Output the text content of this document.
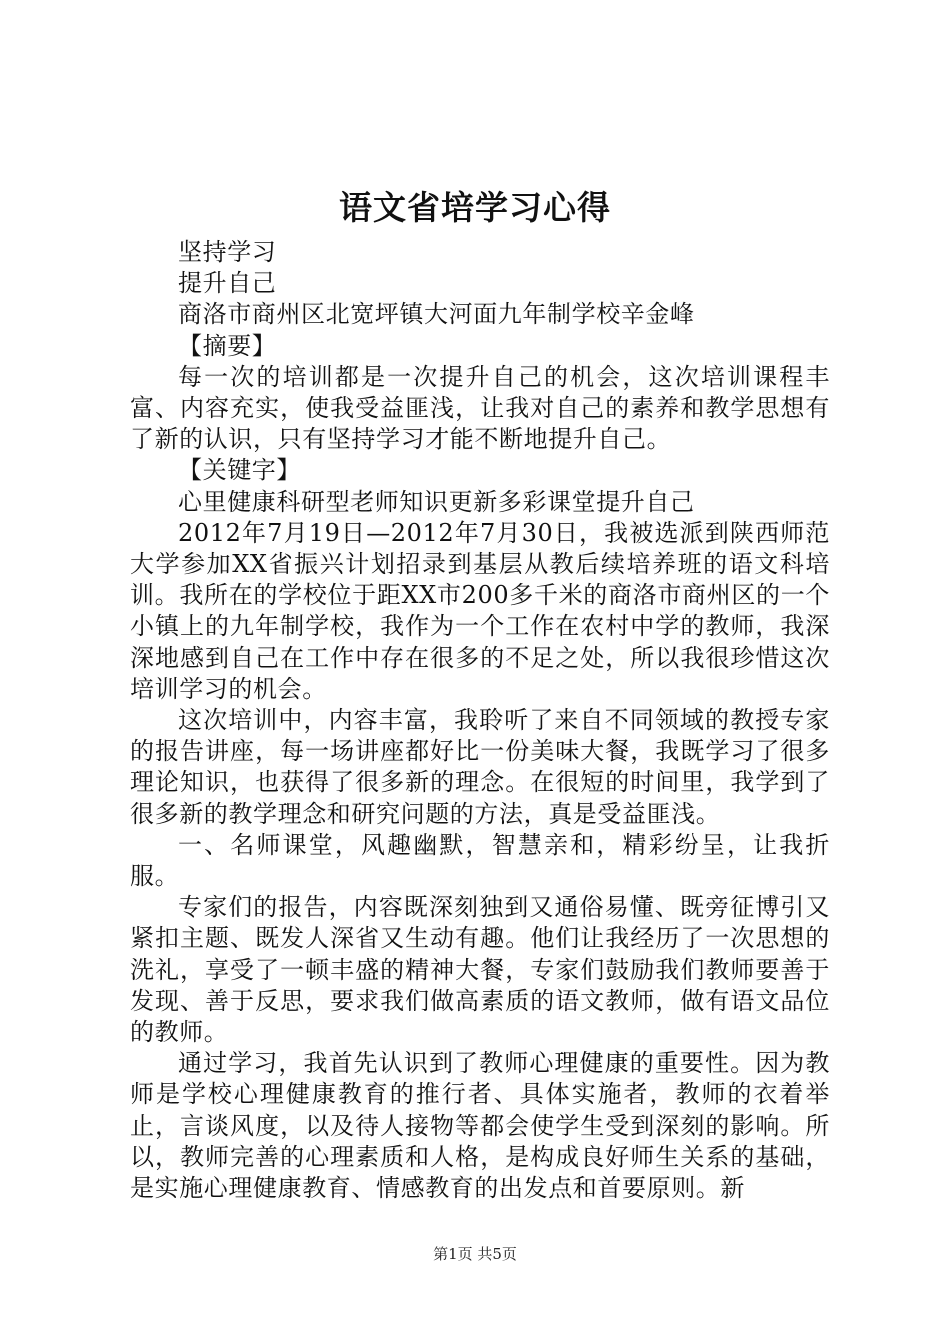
语文省培学习心得

坚持学习

提升自己

商洛市商州区北宽坪镇大河面九年制学校辛金峰

【摘要】

每一次的培训都是一次提升自己的机会，这次培训课程丰富、内容充实，使我受益匪浅，让我对自己的素养和教学思想有了新的认识，只有坚持学习才能不断地提升自己。

【关键字】

心里健康科研型老师知识更新多彩课堂提升自己

2012年7月19日—2012年7月30日，我被选派到陕西师范大学参加XX省振兴计划招录到基层从教后续培养班的语文科培训。我所在的学校位于距XX市200多千米的商洛市商州区的一个小镇上的九年制学校，我作为一个工作在农村中学的教师，我深深地感到自己在工作中存在很多的不足之处，所以我很珍惜这次培训学习的机会。

这次培训中，内容丰富，我聆听了来自不同领域的教授专家的报告讲座，每一场讲座都好比一份美味大餐，我既学习了很多理论知识，也获得了很多新的理念。在很短的时间里，我学到了很多新的教学理念和研究问题的方法，真是受益匪浅。

一、名师课堂，风趣幽默，智慧亲和，精彩纷呈，让我折服。

专家们的报告，内容既深刻独到又通俗易懂、既旁征博引又紧扣主题、既发人深省又生动有趣。他们让我经历了一次思想的洗礼，享受了一顿丰盛的精神大餐，专家们鼓励我们教师要善于发现、善于反思，要求我们做高素质的语文教师，做有语文品位的教师。

通过学习，我首先认识到了教师心理健康的重要性。因为教师是学校心理健康教育的推行者、具体实施者，教师的衣着举止，言谈风度，以及待人接物等都会使学生受到深刻的影响。所以，教师完善的心理素质和人格，是构成良好师生关系的基础，是实施心理健康教育、情感教育的出发点和首要原则。新

第1页 共5页
